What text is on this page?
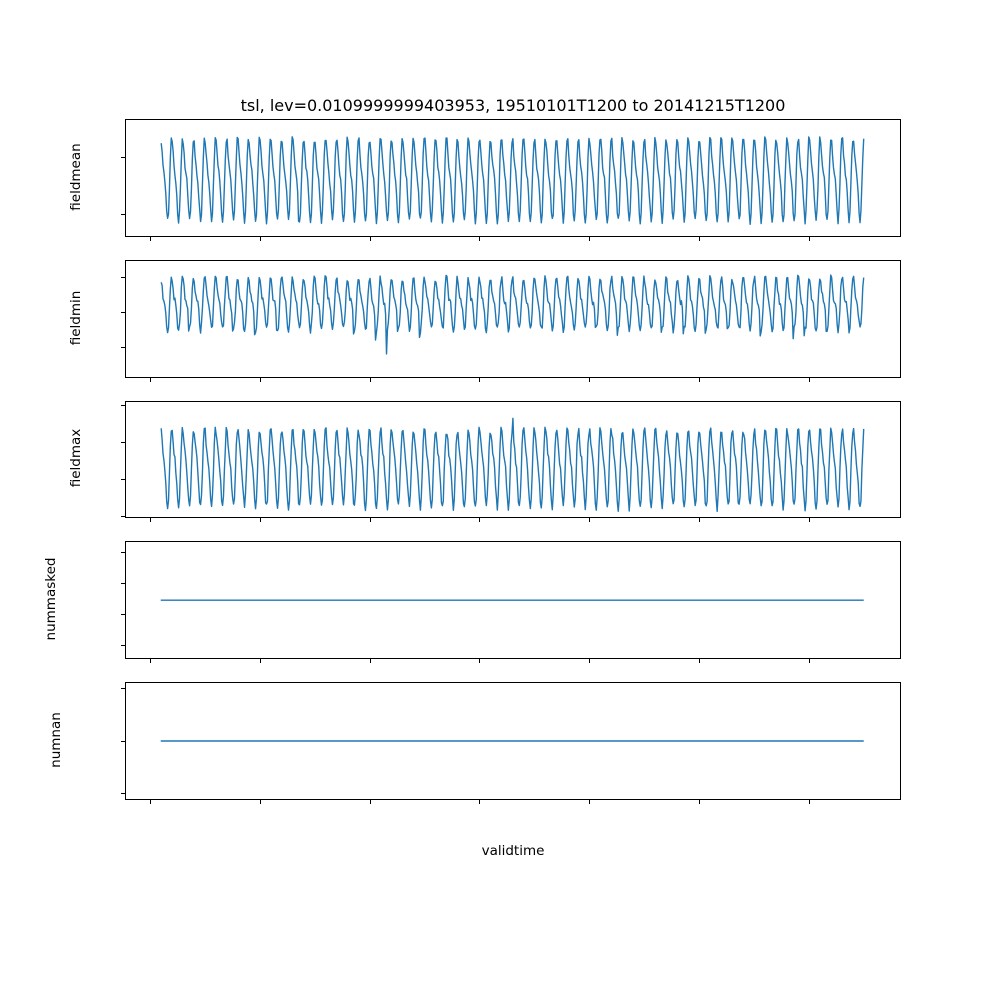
tsl, lev=0.0109999999403953, 19510101T1200 to 20141215T1200
fieldmean
fieldmin
fieldmax
nummasked
numnan
validtime
